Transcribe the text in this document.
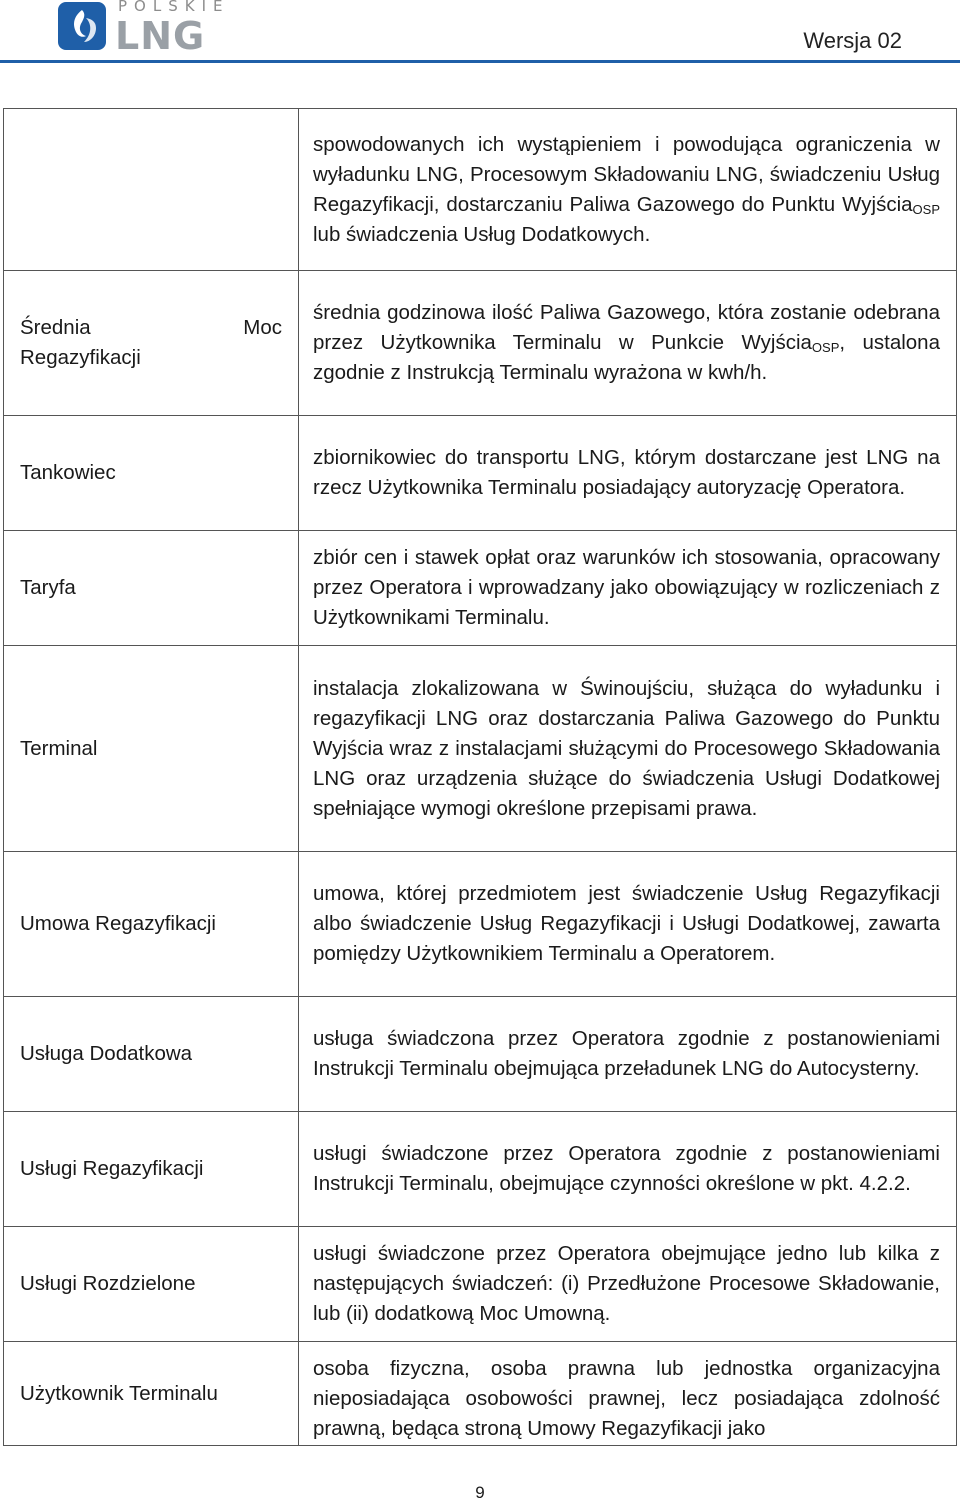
POLSKIE
LNG	Wersja 02
	spowodowanych ich wystąpieniem i powodująca ograniczenia w wyładunku LNG, Procesowym Składowaniu LNG, świadczeniu Usług Regazyfikacji, dostarczaniu Paliwa Gazowego do Punktu Wyjścia$_{OSP}$ lub świadczenia Usług Dodatkowych.

Średnia Moc
Regazyfikacji	średnia godzinowa ilość Paliwa Gazowego, która zostanie odebrana przez Użytkownika Terminalu w Punkcie Wyjścia$_{OSP}$, ustalona zgodnie z Instrukcją Terminalu wyrażona w kwh/h.
Tankowiec	zbiornikowiec do transportu LNG, którym dostarczane jest LNG na rzecz Użytkownika Terminalu posiadający autoryzację Operatora.
Taryfa	zbiór cen i stawek opłat oraz warunków ich stosowania, opracowany przez Operatora i wprowadzany jako obowiązujący w rozliczeniach z Użytkownikami Terminalu.
Terminal	instalacja zlokalizowana w Świnoujściu, służąca do wyładunku i regazyfikacji LNG oraz dostarczania Paliwa Gazowego do Punktu Wyjścia wraz z instalacjami służącymi do Procesowego Składowania LNG oraz urządzenia służące do świadczenia Usługi Dodatkowej spełniające wymogi określone przepisami prawa.
Umowa Regazyfikacji	umowa, której przedmiotem jest świadczenie Usług Regazyfikacji albo świadczenie Usług Regazyfikacji i Usługi Dodatkowej, zawarta pomiędzy Użytkownikiem Terminalu a Operatorem.
Usługa Dodatkowa	usługa świadczona przez Operatora zgodnie z postanowieniami Instrukcji Terminalu obejmująca przeładunek LNG do Autocysterny.
Usługi Regazyfikacji	usługi świadczone przez Operatora zgodnie z postanowieniami Instrukcji Terminalu, obejmujące czynności określone w pkt. 4.2.2.
Usługi Rozdzielone	usługi świadczone przez Operatora obejmujące jedno lub kilka z następujących świadczeń: (i) Przedłużone Procesowe Składowanie, lub (ii) dodatkową Moc Umowną.
Użytkownik Terminalu	osoba fizyczna, osoba prawna lub jednostka organizacyjna nieposiadająca osobowości prawnej, lecz posiadająca zdolność prawną, będąca stroną Umowy Regazyfikacji jako
9
